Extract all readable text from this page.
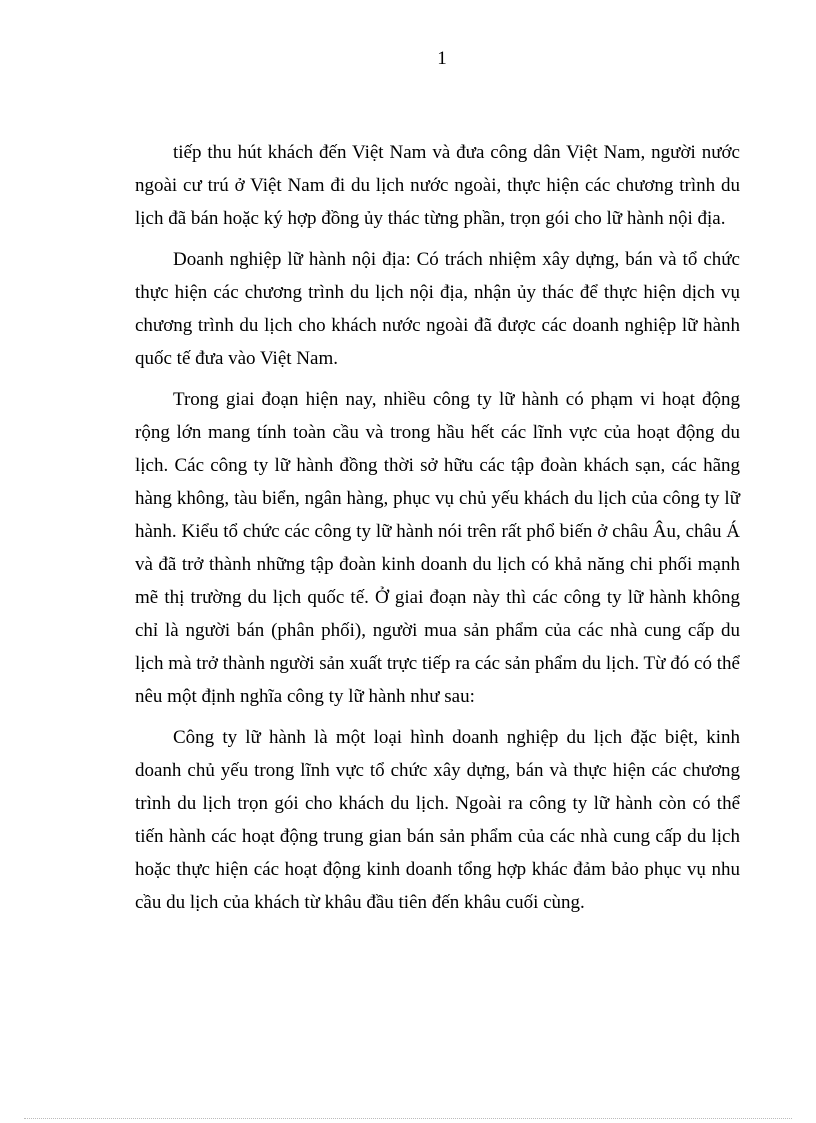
1

tiếp thu hút khách đến Việt Nam và đưa công dân Việt Nam, người nước ngoài cư trú ở Việt Nam đi du lịch nước ngoài, thực hiện các chương trình du lịch đã bán hoặc ký hợp đồng ủy thác từng phần, trọn gói cho lữ hành nội địa.

Doanh nghiệp lữ hành nội địa: Có trách nhiệm xây dựng, bán và tổ chức thực hiện các chương trình du lịch nội địa, nhận ủy thác để thực hiện dịch vụ chương trình du lịch cho khách nước ngoài đã được các doanh nghiệp lữ hành quốc tế đưa vào Việt Nam.

Trong giai đoạn hiện nay, nhiều công ty lữ hành có phạm vi hoạt động rộng lớn mang tính toàn cầu và trong hầu hết các lĩnh vực của hoạt động du lịch. Các công ty lữ hành đồng thời sở hữu các tập đoàn khách sạn, các hãng hàng không, tàu biển, ngân hàng, phục vụ chủ yếu khách du lịch của công ty lữ hành. Kiểu tổ chức các công ty lữ hành nói trên rất phổ biến ở châu Âu, châu Á và đã trở thành những tập đoàn kinh doanh du lịch có khả năng chi phối mạnh mẽ thị trường du lịch quốc tế. Ở giai đoạn này thì các công ty lữ hành không chỉ là người bán (phân phối), người mua sản phẩm của các nhà cung cấp du lịch mà trở thành người sản xuất trực tiếp ra các sản phẩm du lịch. Từ đó có thể nêu một định nghĩa công ty lữ hành như sau:

Công ty lữ hành là một loại hình doanh nghiệp du lịch đặc biệt, kinh doanh chủ yếu trong lĩnh vực tổ chức xây dựng, bán và thực hiện các chương trình du lịch trọn gói cho khách du lịch. Ngoài ra công ty lữ hành còn có thể tiến hành các hoạt động trung gian bán sản phẩm của các nhà cung cấp du lịch hoặc thực hiện các hoạt động kinh doanh tổng hợp khác đảm bảo phục vụ nhu cầu du lịch của khách từ khâu đầu tiên đến khâu cuối cùng.
